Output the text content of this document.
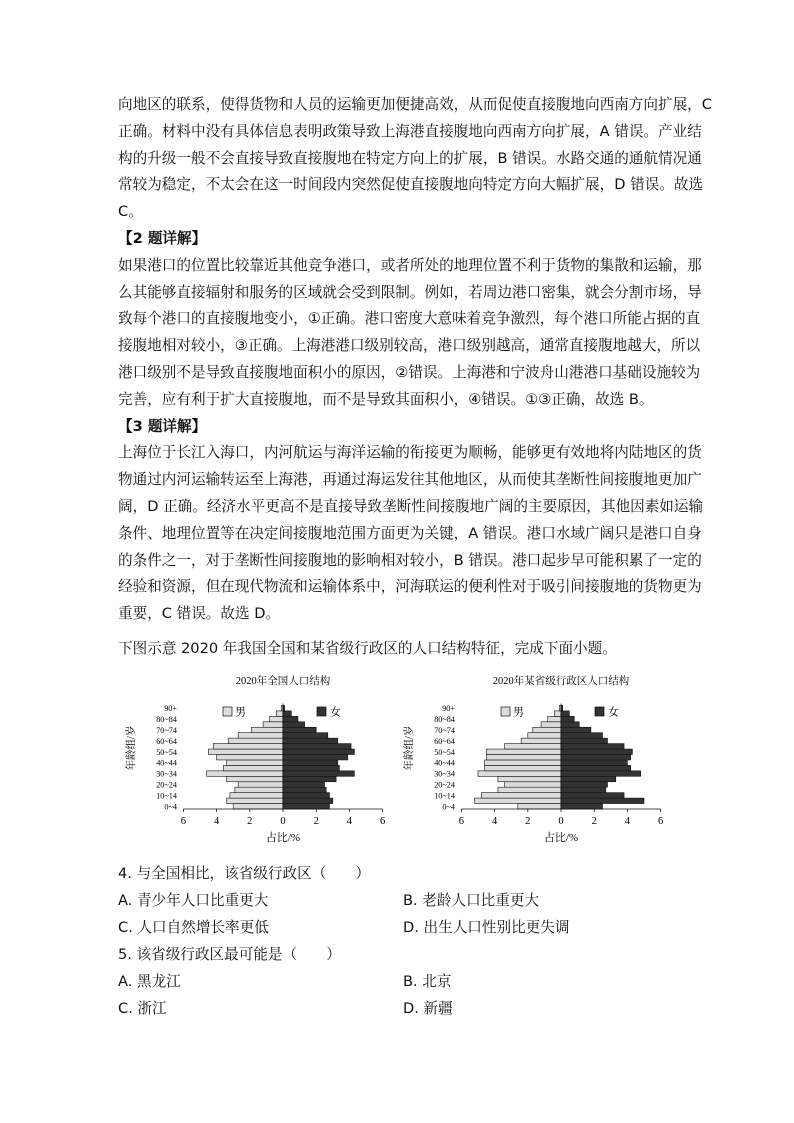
向地区的联系，使得货物和人员的运输更加便捷高效，从而促使直接腹地向西南方向扩展，C
正确。材料中没有具体信息表明政策导致上海港直接腹地向西南方向扩展，A 错误。产业结
构的升级一般不会直接导致直接腹地在特定方向上的扩展，B 错误。水路交通的通航情况通
常较为稳定，不太会在这一时间段内突然促使直接腹地向特定方向大幅扩展，D 错误。故选
C。
【2 题详解】
如果港口的位置比较靠近其他竞争港口，或者所处的地理位置不利于货物的集散和运输，那
么其能够直接辐射和服务的区域就会受到限制。例如，若周边港口密集，就会分割市场，导
致每个港口的直接腹地变小，①正确。港口密度大意味着竞争激烈，每个港口所能占据的直
接腹地相对较小，③正确。上海港港口级别较高，港口级别越高，通常直接腹地越大，所以
港口级别不是导致直接腹地面积小的原因，②错误。上海港和宁波舟山港港口基础设施较为
完善，应有利于扩大直接腹地，而不是导致其面积小，④错误。①③正确，故选 B。
【3 题详解】
上海位于长江入海口，内河航运与海洋运输的衔接更为顺畅，能够更有效地将内陆地区的货
物通过内河运输转运至上海港，再通过海运发往其他地区，从而使其垄断性间接腹地更加广
阔，D 正确。经济水平更高不是直接导致垄断性间接腹地广阔的主要原因，其他因素如运输
条件、地理位置等在决定间接腹地范围方面更为关键，A 错误。港口水域广阔只是港口自身
的条件之一，对于垄断性间接腹地的影响相对较小，B 错误。港口起步早可能积累了一定的
经验和资源，但在现代物流和运输体系中，河海联运的便利性对于吸引间接腹地的货物更为
重要，C 错误。故选 D。
下图示意 2020 年我国全国和某省级行政区的人口结构特征，完成下面小题。
2020年全国人口结构
6	4	2	0	2	4	6
占比/%
0~4
10~14
20~24
30~34
40~44
50~54
60~64
70~74
80~84
90+
年龄组/岁
男	女
2020年某省级行政区人口结构
6	4	2	0	2	4	6
占比/%
0~4
10~14
20~24
30~34
40~44
50~54
60~64
70~74
80~84
90+
年龄组/岁
男	女
4. 与全国相比，该省级行政区（　　）
A. 青少年人口比重更大	B. 老龄人口比重更大
C. 人口自然增长率更低	D. 出生人口性别比更失调
5. 该省级行政区最可能是（　　）
A. 黑龙江	B. 北京
C. 浙江	D. 新疆
